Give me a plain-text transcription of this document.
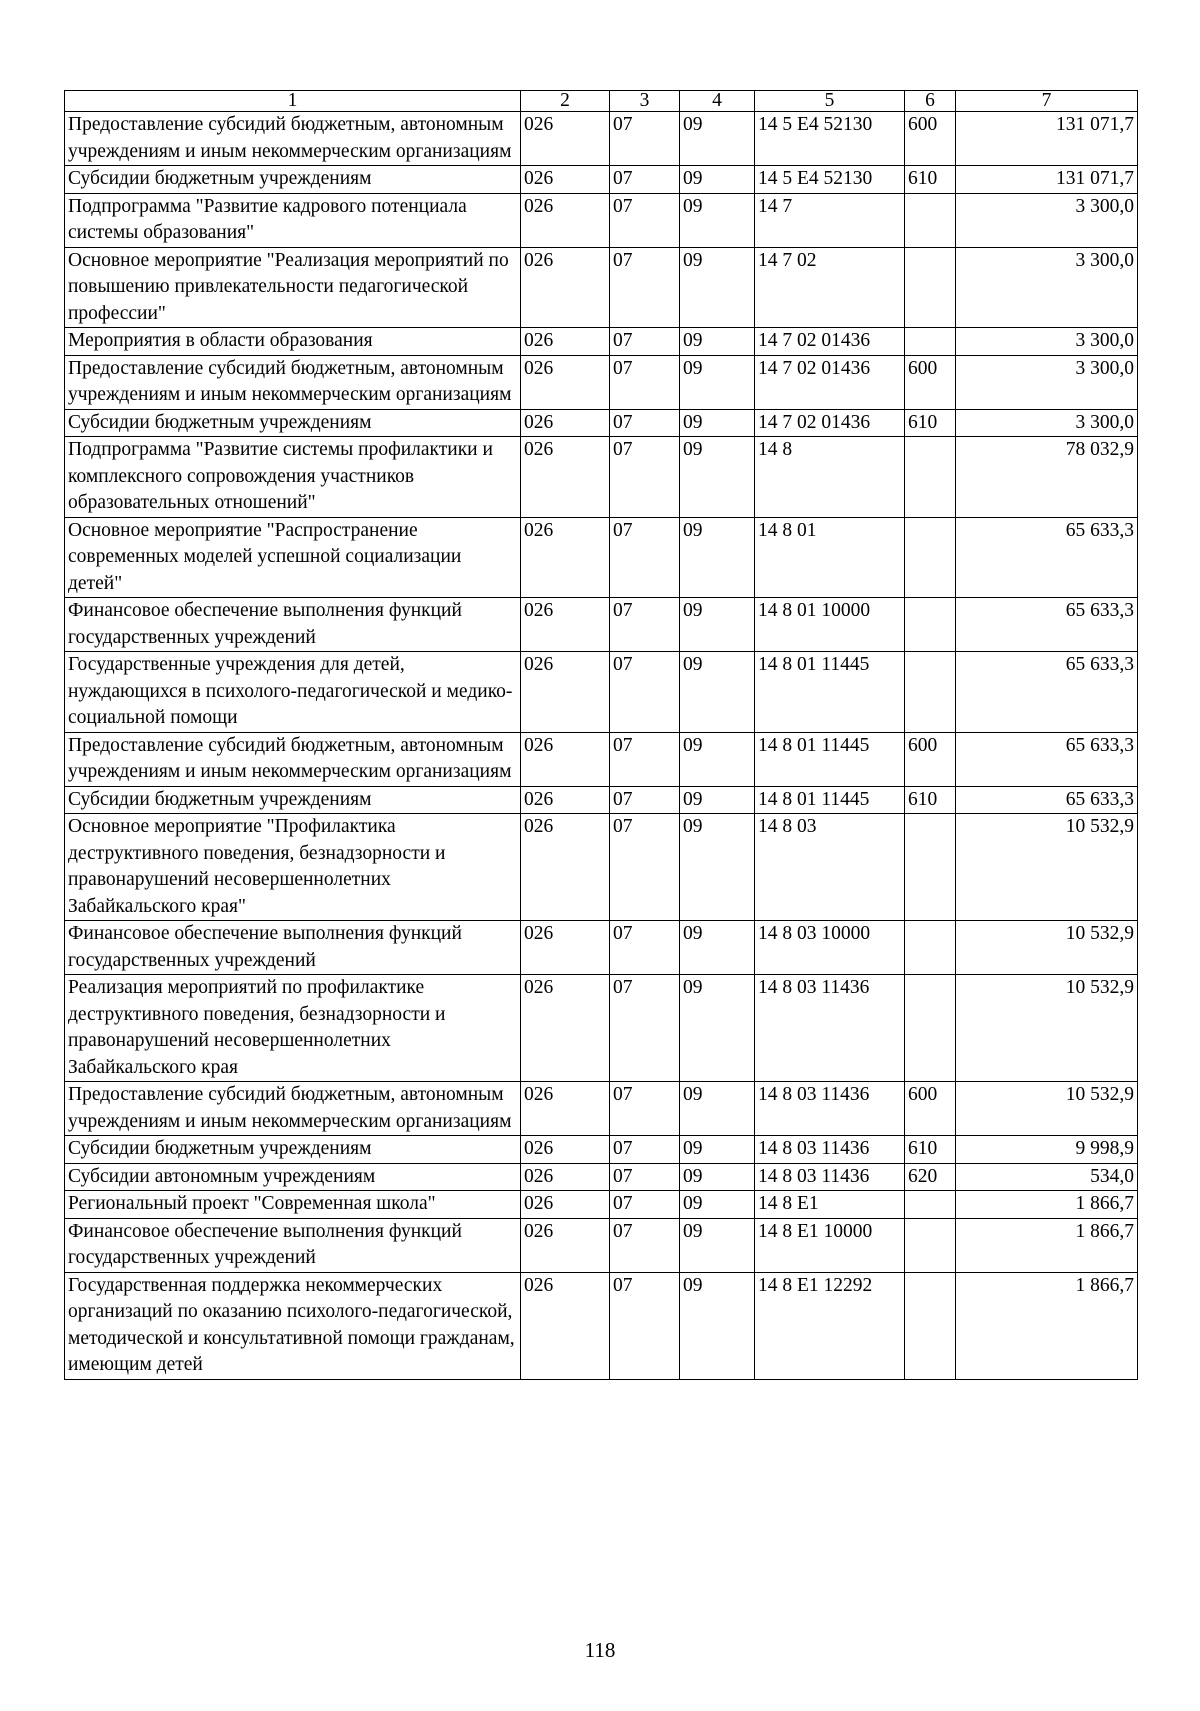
1	2	3	4	5	6	7
Предоставление субсидий бюджетным, автономным учреждениям и иным некоммерческим организациям	026	07	09	14 5 Е4 52130	600	131 071,7
Субсидии бюджетным учреждениям	026	07	09	14 5 Е4 52130	610	131 071,7
Подпрограмма "Развитие кадрового потенциала системы образования"	026	07	09	14 7		3 300,0
Основное мероприятие "Реализация мероприятий по повышению привлекательности педагогической профессии"	026	07	09	14 7 02		3 300,0
Мероприятия в области образования	026	07	09	14 7 02 01436		3 300,0
Предоставление субсидий бюджетным, автономным учреждениям и иным некоммерческим организациям	026	07	09	14 7 02 01436	600	3 300,0
Субсидии бюджетным учреждениям	026	07	09	14 7 02 01436	610	3 300,0
Подпрограмма "Развитие системы профилактики и комплексного сопровождения участников образовательных отношений"	026	07	09	14 8		78 032,9
Основное мероприятие "Распространение современных моделей успешной социализации детей"	026	07	09	14 8 01		65 633,3
Финансовое обеспечение выполнения функций государственных учреждений	026	07	09	14 8 01 10000		65 633,3
Государственные учреждения для детей, нуждающихся в психолого-педагогической и медико-социальной помощи	026	07	09	14 8 01 11445		65 633,3
Предоставление субсидий бюджетным, автономным учреждениям и иным некоммерческим организациям	026	07	09	14 8 01 11445	600	65 633,3
Субсидии бюджетным учреждениям	026	07	09	14 8 01 11445	610	65 633,3
Основное мероприятие "Профилактика деструктивного поведения, безнадзорности и правонарушений несовершеннолетних Забайкальского края"	026	07	09	14 8 03		10 532,9
Финансовое обеспечение выполнения функций государственных учреждений	026	07	09	14 8 03 10000		10 532,9
Реализация мероприятий по профилактике деструктивного поведения, безнадзорности и правонарушений несовершеннолетних Забайкальского края	026	07	09	14 8 03 11436		10 532,9
Предоставление субсидий бюджетным, автономным учреждениям и иным некоммерческим организациям	026	07	09	14 8 03 11436	600	10 532,9
Субсидии бюджетным учреждениям	026	07	09	14 8 03 11436	610	9 998,9
Субсидии автономным учреждениям	026	07	09	14 8 03 11436	620	534,0
Региональный проект "Современная школа"	026	07	09	14 8 Е1		1 866,7
Финансовое обеспечение выполнения функций государственных учреждений	026	07	09	14 8 Е1 10000		1 866,7
Государственная поддержка некоммерческих организаций по оказанию психолого-педагогической, методической и консультативной помощи гражданам, имеющим детей	026	07	09	14 8 Е1 12292		1 866,7
118
